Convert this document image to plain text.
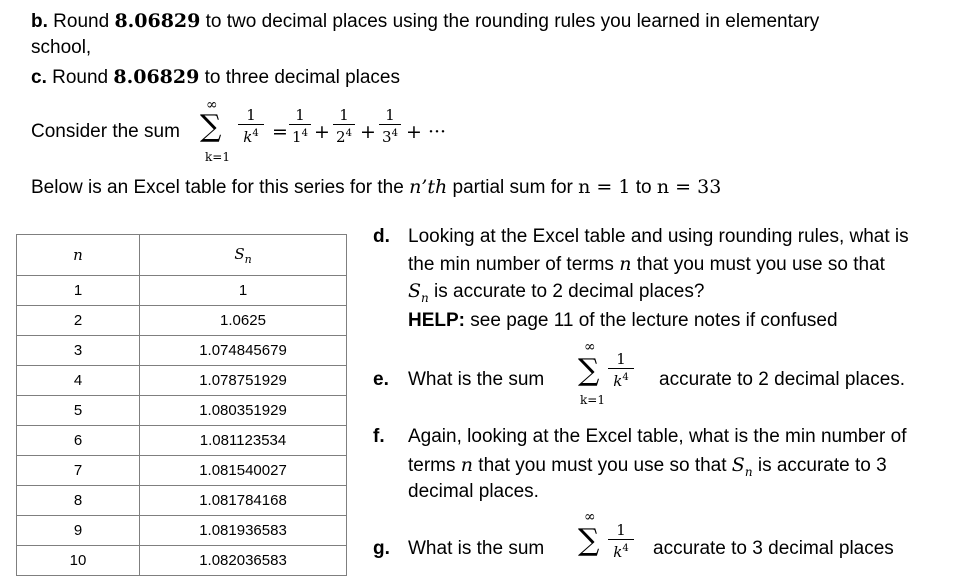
b. Round 8.06829 to two decimal places using the rounding rules you learned in elementary
school,
c. Round 8.06829 to three decimal places
Consider the sum
∞
∑
k=1
1
$k^4$ =
1
$1^4$ +
1
$2^4$ +
1
$3^4$ + ···
Below is an Excel table for this series for the n’th partial sum for n = 1 to n = 33
n	$S_n$
1	1
2	1.0625
3	1.074845679
4	1.078751929
5	1.080351929
6	1.081123534
7	1.081540027
8	1.081784168
9	1.081936583
10	1.082036583
d. Looking at the Excel table and using rounding rules, what is
the min number of terms n that you must you use so that
$S_n$ is accurate to 2 decimal places?
HELP: see page 11 of the lecture notes if confused
e. What is the sum
∞
∑
k=1
1
$k^4$	accurate to 2 decimal places.
f. Again, looking at the Excel table, what is the min number of
terms n that you must you use so that $S_n$ is accurate to 3
decimal places.
g. What is the sum
∞
∑	1
$k^4$	accurate to 3 decimal places
